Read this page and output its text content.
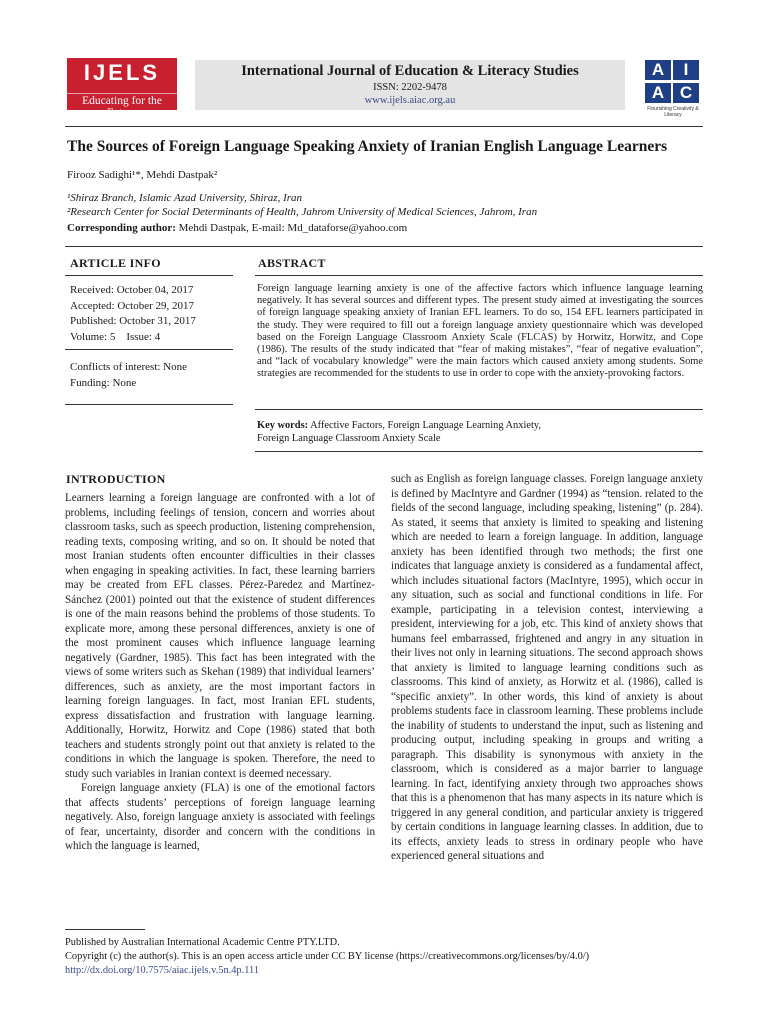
IJELS
Educating for the Future
International Journal of Education & Literacy Studies
ISSN: 2202-9478
www.ijels.aiac.org.au
A	I
A C
Flourishing Creativity & Literacy
The Sources of Foreign Language Speaking Anxiety of Iranian English Language Learners
Firooz Sadighi¹*, Mehdi Dastpak²
¹Shiraz Branch, Islamic Azad University, Shiraz, Iran
²Research Center for Social Determinants of Health, Jahrom University of Medical Sciences, Jahrom, Iran
Corresponding author: Mehdi Dastpak, E-mail: Md_dataforse@yahoo.com
ARTICLE INFO
Received: October 04, 2017
Accepted: October 29, 2017
Published: October 31, 2017
Volume: 5    Issue: 4
Conflicts of interest: None
Funding: None
ABSTRACT
Foreign language learning anxiety is one of the affective factors which influence language learning negatively. It has several sources and different types. The present study aimed at investigating the sources of foreign language speaking anxiety of Iranian EFL learners. To do so, 154 EFL learners participated in the study. They were required to fill out a foreign language anxiety questionnaire which was developed based on the Foreign Language Classroom Anxiety Scale (FLCAS) by Horwitz, Horwitz, and Cope (1986). The results of the study indicated that “fear of making mistakes”, “fear of negative evaluation”, and “lack of vocabulary knowledge” were the main factors which caused anxiety among students. Some strategies are recommended for the students to use in order to cope with the anxiety-provoking factors.
Key words: Affective Factors, Foreign Language Learning Anxiety,
Foreign Language Classroom Anxiety Scale
INTRODUCTION

Learners learning a foreign language are confronted with a lot of problems, including feelings of tension, concern and worries about classroom tasks, such as speech production, listening comprehension, reading texts, composing writing, and so on. It should be noted that most Iranian students often encounter difficulties in their classes when engaging in speaking activities. In fact, these learning barriers may be created from EFL classes. Pérez-Paredez and Martínez-Sánchez (2001) pointed out that the existence of student differences is one of the main reasons behind the problems of those students. To explicate more, among these personal differences, anxiety is one of the most prominent causes which influence language learning negatively (Gardner, 1985). This fact has been integrated with the views of some writers such as Skehan (1989) that individual learners’ differences, such as anxiety, are the most important factors in learning foreign languages. In fact, most Iranian EFL students, express dissatisfaction and frustration with language learning. Additionally, Horwitz, Horwitz and Cope (1986) stated that both teachers and students strongly point out that anxiety is related to the conditions in which the language is spoken. Therefore, the need to study such variables in Iranian context is deemed necessary.

Foreign language anxiety (FLA) is one of the emotional factors that affects students’ perceptions of foreign language learning negatively. Also, foreign language anxiety is associated with feelings of fear, uncertainty, disorder and concern with the conditions in which the language is learned,

such as English as foreign language classes. Foreign language anxiety is defined by MacIntyre and Gardner (1994) as “tension. related to the fields of the second language, including speaking, listening” (p. 284). As stated, it seems that anxiety is limited to speaking and listening which are needed to learn a foreign language. In addition, language anxiety has been identified through two methods; the first one indicates that language anxiety is considered as a fundamental affect, which includes situational factors (MacIntyre, 1995), which occur in any situation, such as social and functional conditions in life. For example, participating in a television contest, interviewing a president, interviewing for a job, etc. This kind of anxiety shows that humans feel embarrassed, frightened and angry in any situation in their lives not only in learning situations. The second approach shows that anxiety is limited to language learning conditions such as classrooms. This kind of anxiety, as Horwitz et al. (1986), called is “specific anxiety”. In other words, this kind of anxiety is about problems students face in classroom learning. These problems include the inability of students to understand the input, such as listening and producing output, including speaking in groups and writing a paragraph. This disability is synonymous with anxiety in the classroom, which is considered as a major barrier to language learning. In fact, identifying anxiety through two approaches shows that this is a phenomenon that has many aspects in its nature which is triggered in any general condition, and particular anxiety is triggered by certain conditions in language learning classes. In addition, due to its effects, anxiety leads to stress in ordinary people who have experienced general situations and

Published by Australian International Academic Centre PTY.LTD.
Copyright (c) the author(s). This is an open access article under CC BY license (https://creativecommons.org/licenses/by/4.0/)
http://dx.doi.org/10.7575/aiac.ijels.v.5n.4p.111
